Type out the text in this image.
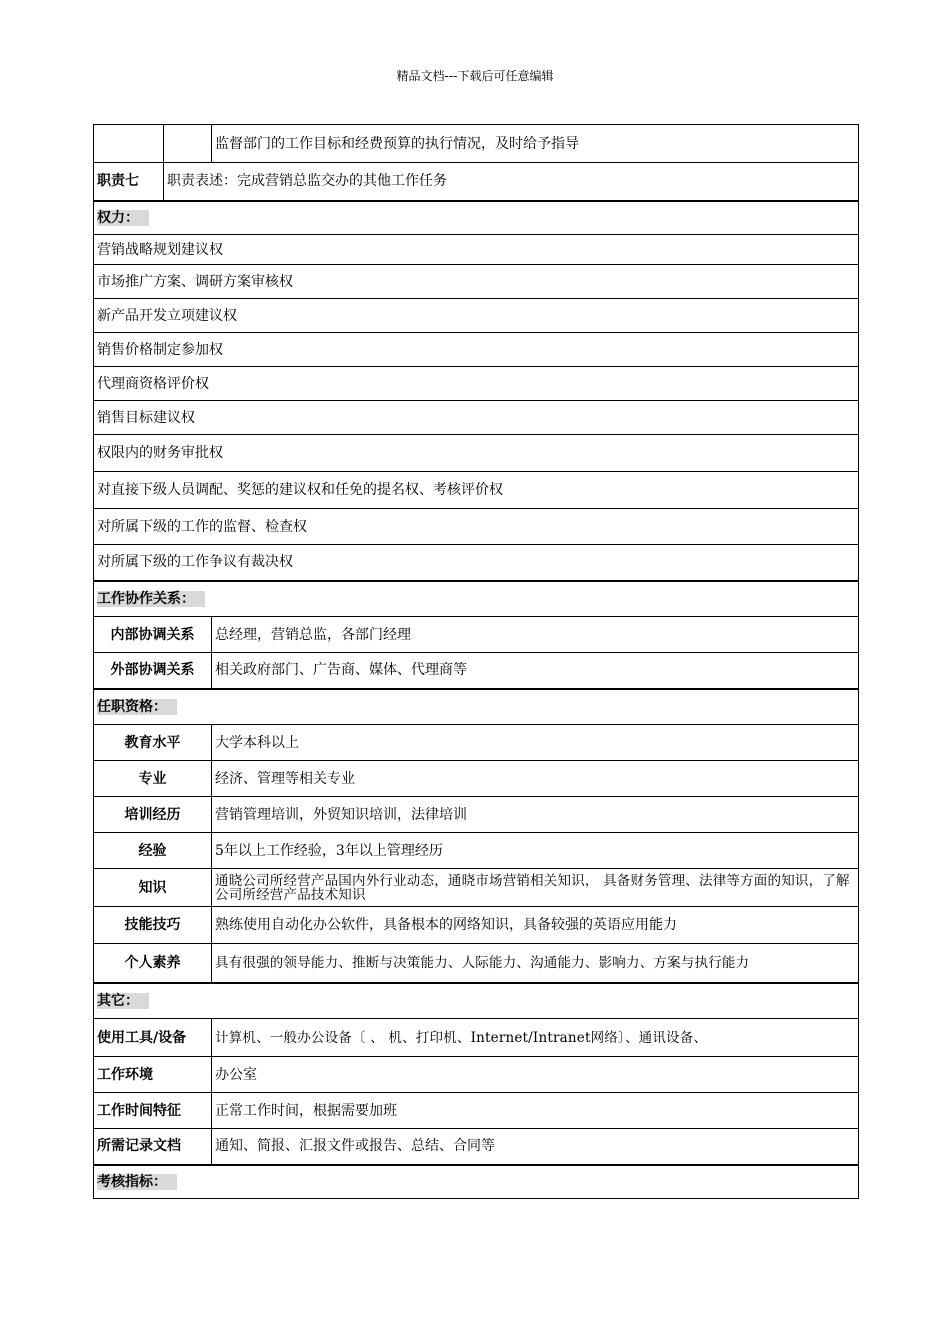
精品文档---下载后可任意编辑
		监督部门的工作目标和经费预算的执行情况，及时给予指导
职责七	职责表述：完成营销总监交办的其他工作任务	
权力：		
营销战略规划建议权		
市场推广方案、调研方案审核权		
新产品开发立项建议权		
销售价格制定参加权		
代理商资格评价权		
销售目标建议权		
权限内的财务审批权		
对直接下级人员调配、奖惩的建议权和任免的提名权、考核评价权		
对所属下级的工作的监督、检查权		
对所属下级的工作争议有裁决权		
工作协作关系：		
内部协调关系		总经理，营销总监，各部门经理
外部协调关系		相关政府部门、广告商、媒体、代理商等
任职资格：		
教育水平		大学本科以上
专业		经济、管理等相关专业
培训经历		营销管理培训，外贸知识培训，法律培训
经验		5年以上工作经验，3年以上管理经历
知识		通晓公司所经营产品国内外行业动态，通晓市场营销相关知识， 具备财务管理、法律等方面的知识，了解公司所经营产品技术知识
技能技巧		熟练使用自动化办公软件，具备根本的网络知识，具备较强的英语应用能力
个人素养		具有很强的领导能力、推断与决策能力、人际能力、沟通能力、影响力、方案与执行能力
其它：		
使用工具/设备		计算机、一般办公设备〔 、 机、打印机、Internet/Intranet网络〕、通讯设备、
工作环境		办公室
工作时间特征		正常工作时间，根据需要加班
所需记录文档		通知、简报、汇报文件或报告、总结、合同等
考核指标：		
